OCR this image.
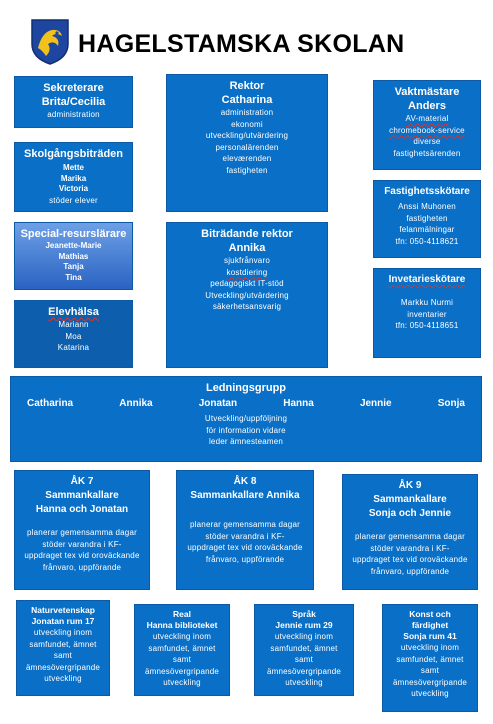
HAGELSTAMSKA SKOLAN
Sekreterare
Brita/Cecilia
administration
Skolgångsbiträden
Mette
Marika
Victoria
stöder elever
Special-resurslärare
Jeanette-Marie
Mathias
Tanja
Tina
Elevhälsa
Mariann
Moa
Katarina
Rektor
Catharina
administration
ekonomi
utveckling/utvärdering
personalärenden
eleværenden
fastigheten
Biträdande rektor
Annika
sjukfrånvaro
kostdiering
pedagogiskt IT-stöd
Utveckling/utvärdering
säkerhetsansvarig
Vaktmästare
Anders
AV-material
chromebook-service
diverse
fastighetsärenden
Fastighetsskötare
Anssi Muhonen
fastigheten
felanmälningar
tfn: 050-4118621
Invetarieskötare
Markku Nurmi
inventarier
tfn: 050-4118651
Ledningsgrupp
Catharina	Annika	Jonatan	Hanna	Jennie	Sonja
Utveckling/uppföljning
för information vidare
leder ämnesteamen
ÅK 7
Sammankallare
Hanna och Jonatan
planerar gemensamma dagar
stöder varandra i KF-
uppdraget tex vid oroväckande
frånvaro, uppförande
ÅK 8
Sammankallare Annika
planerar gemensamma dagar
stöder varandra i KF-
uppdraget tex vid oroväckande
frånvaro, uppförande
ÅK 9
Sammankallare
Sonja och Jennie
planerar gemensamma dagar
stöder varandra i KF-
uppdraget tex vid oroväckande
frånvaro, uppförande
Naturvetenskap
Jonatan rum 17
utveckling inom
samfundet, ämnet
samt
ämnesövergripande
utveckling
Real
Hanna biblioteket
utveckling inom
samfundet, ämnet
samt
ämnesövergripande
utveckling
Språk
Jennie rum 29
utveckling inom
samfundet, ämnet
samt
ämnesövergripande
utveckling
Konst och
färdighet
Sonja rum 41
utveckling inom
samfundet, ämnet
samt
ämnesövergripande
utveckling
